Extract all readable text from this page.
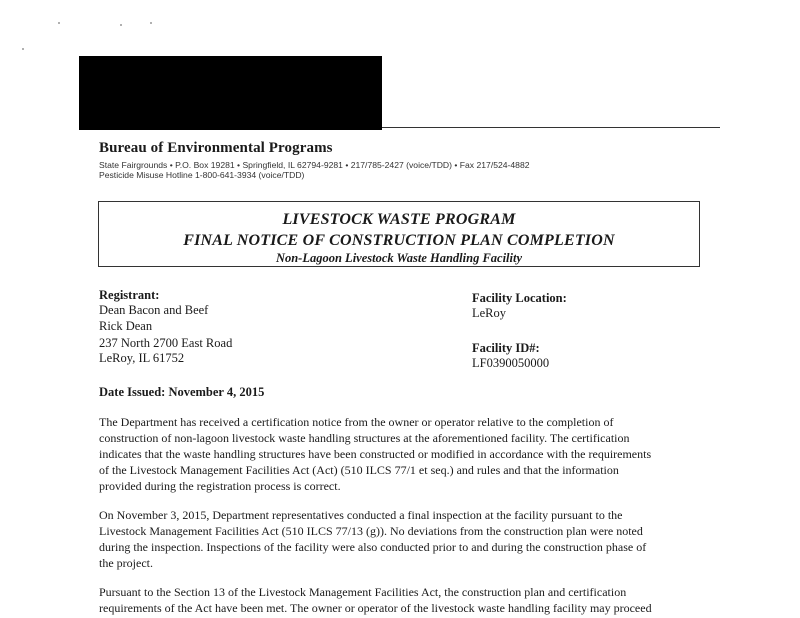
Bureau of Environmental Programs
State Fairgrounds • P.O. Box 19281 • Springfield, IL 62794-9281 • 217/785-2427 (voice/TDD) • Fax 217/524-4882
Pesticide Misuse Hotline 1-800-641-3934 (voice/TDD)
LIVESTOCK WASTE PROGRAM
FINAL NOTICE OF CONSTRUCTION PLAN COMPLETION
Non-Lagoon Livestock Waste Handling Facility
Registrant:
Dean Bacon and Beef
Rick Dean
237 North 2700 East Road
LeRoy, IL 61752
Facility Location:
LeRoy
Facility ID#:
LF0390050000
Date Issued: November 4, 2015
The Department has received a certification notice from the owner or operator relative to the completion of
construction of non-lagoon livestock waste handling structures at the aforementioned facility. The certification
indicates that the waste handling structures have been constructed or modified in accordance with the requirements
of the Livestock Management Facilities Act (Act) (510 ILCS 77/1 et seq.) and rules and that the information
provided during the registration process is correct.
On November 3, 2015, Department representatives conducted a final inspection at the facility pursuant to the
Livestock Management Facilities Act (510 ILCS 77/13 (g)). No deviations from the construction plan were noted
during the inspection. Inspections of the facility were also conducted prior to and during the construction phase of
the project.
Pursuant to the Section 13 of the Livestock Management Facilities Act, the construction plan and certification
requirements of the Act have been met. The owner or operator of the livestock waste handling facility may proceed
